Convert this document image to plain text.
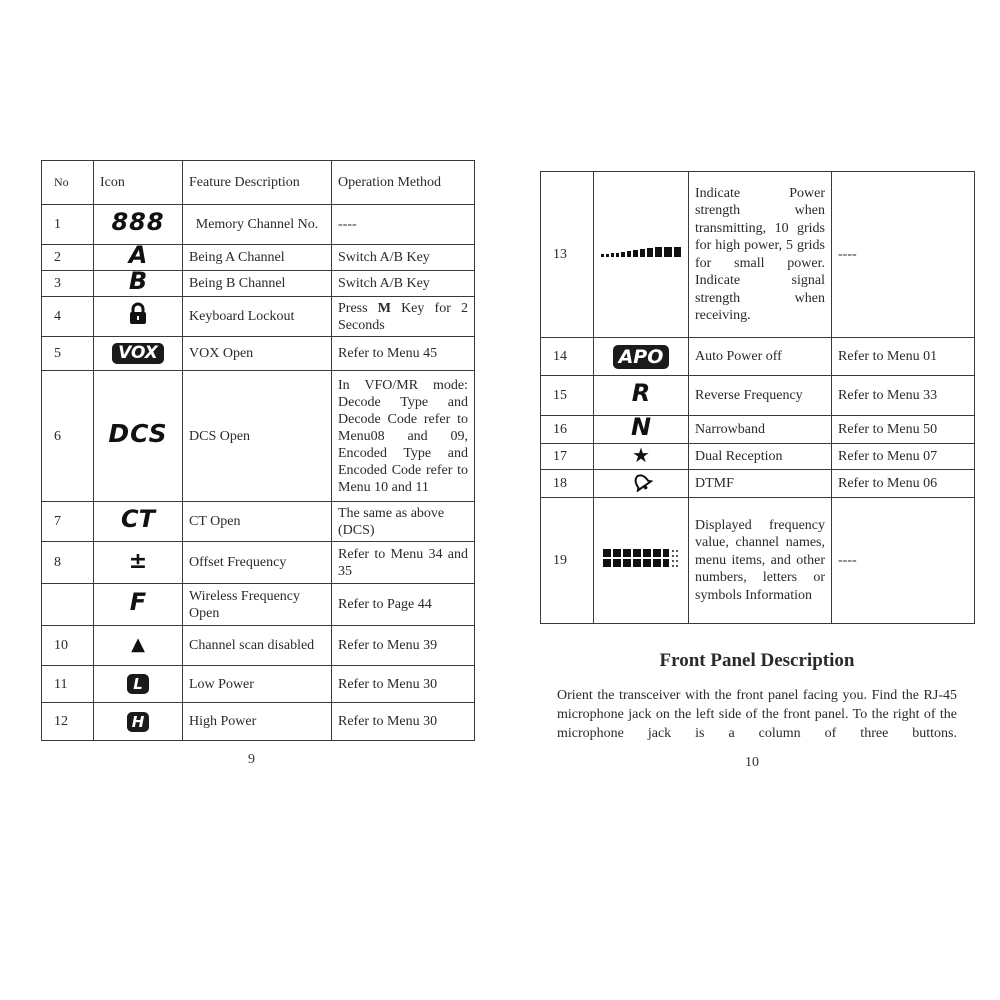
No	Icon	Feature Description	Operation Method
1	888	Memory Channel No.	----
2	A	Being A Channel	Switch A/B Key
3	B	Being B Channel	Switch A/B Key
4		Keyboard Lockout	Press M Key for 2 Seconds
5	VOX	VOX Open	Refer to Menu 45
6	DCS	DCS Open	In VFO/MR mode: Decode Type and Decode Code refer to Menu08 and 09, Encoded Type and Encoded Code refer to Menu 10 and 11
7	CT	CT Open	The same as above (DCS)
8	±	Offset Frequency	Refer to Menu 34 and 35
	F	Wireless Frequency Open	Refer to Page 44
10	▲	Channel scan disabled	Refer to Menu 39
11	L	Low Power	Refer to Menu 30
12	H	High Power	Refer to Menu 30
9
13		Indicate Power strength when transmitting, 10 grids for high power, 5 grids for small power. Indicate signal strength when receiving.	----
14	APO	Auto Power off	Refer to Menu 01
15	R	Reverse Frequency	Refer to Menu 33
16	N	Narrowband	Refer to Menu 50
17	★	Dual Reception	Refer to Menu 07
18		DTMF	Refer to Menu 06
19		Displayed frequency value, channel names, menu items, and other numbers, letters or symbols Information	----
Front Panel Description
Orient the transceiver with the front panel facing you. Find the RJ-45 microphone jack on the left side of the front panel. To the right of the microphone jack is a column of three buttons.
10
